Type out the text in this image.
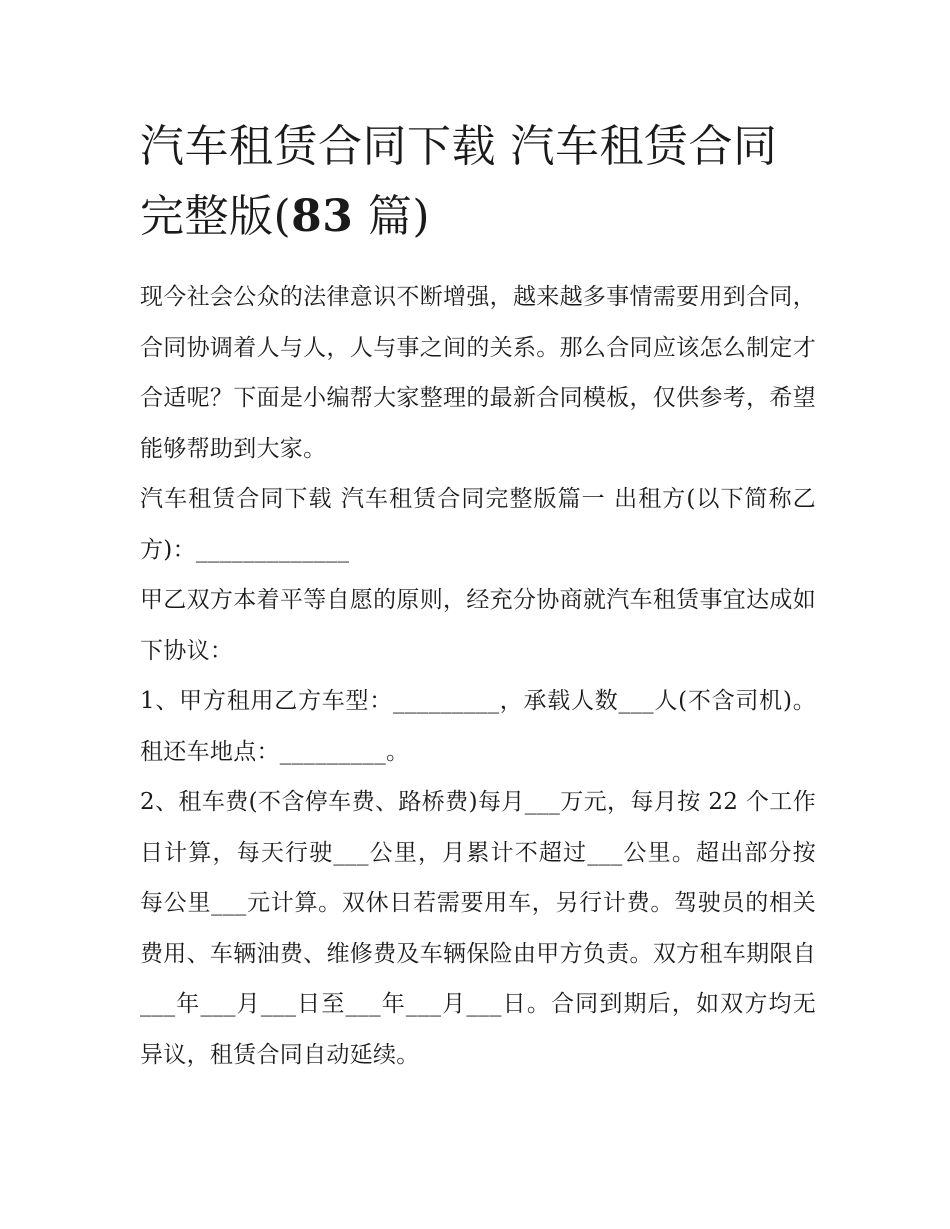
汽车租赁合同下载 汽车租赁合同完整版(83 篇)

现今社会公众的法律意识不断增强，越来越多事情需要用到合同，合同协调着人与人，人与事之间的关系。那么合同应该怎么制定才合适呢？下面是小编帮大家整理的最新合同模板，仅供参考，希望能够帮助到大家。

汽车租赁合同下载 汽车租赁合同完整版篇一 出租方(以下简称乙方)：_____________

甲乙双方本着平等自愿的原则，经充分协商就汽车租赁事宜达成如下协议：

1、甲方租用乙方车型：_________，承载人数___人(不含司机)。租还车地点：_________。

2、租车费(不含停车费、路桥费)每月___万元，每月按 22 个工作日计算，每天行驶___公里，月累计不超过___公里。超出部分按每公里___元计算。双休日若需要用车，另行计费。驾驶员的相关费用、车辆油费、维修费及车辆保险由甲方负责。双方租车期限自___年___月___日至___年___月___日。合同到期后，如双方均无异议，租赁合同自动延续。
